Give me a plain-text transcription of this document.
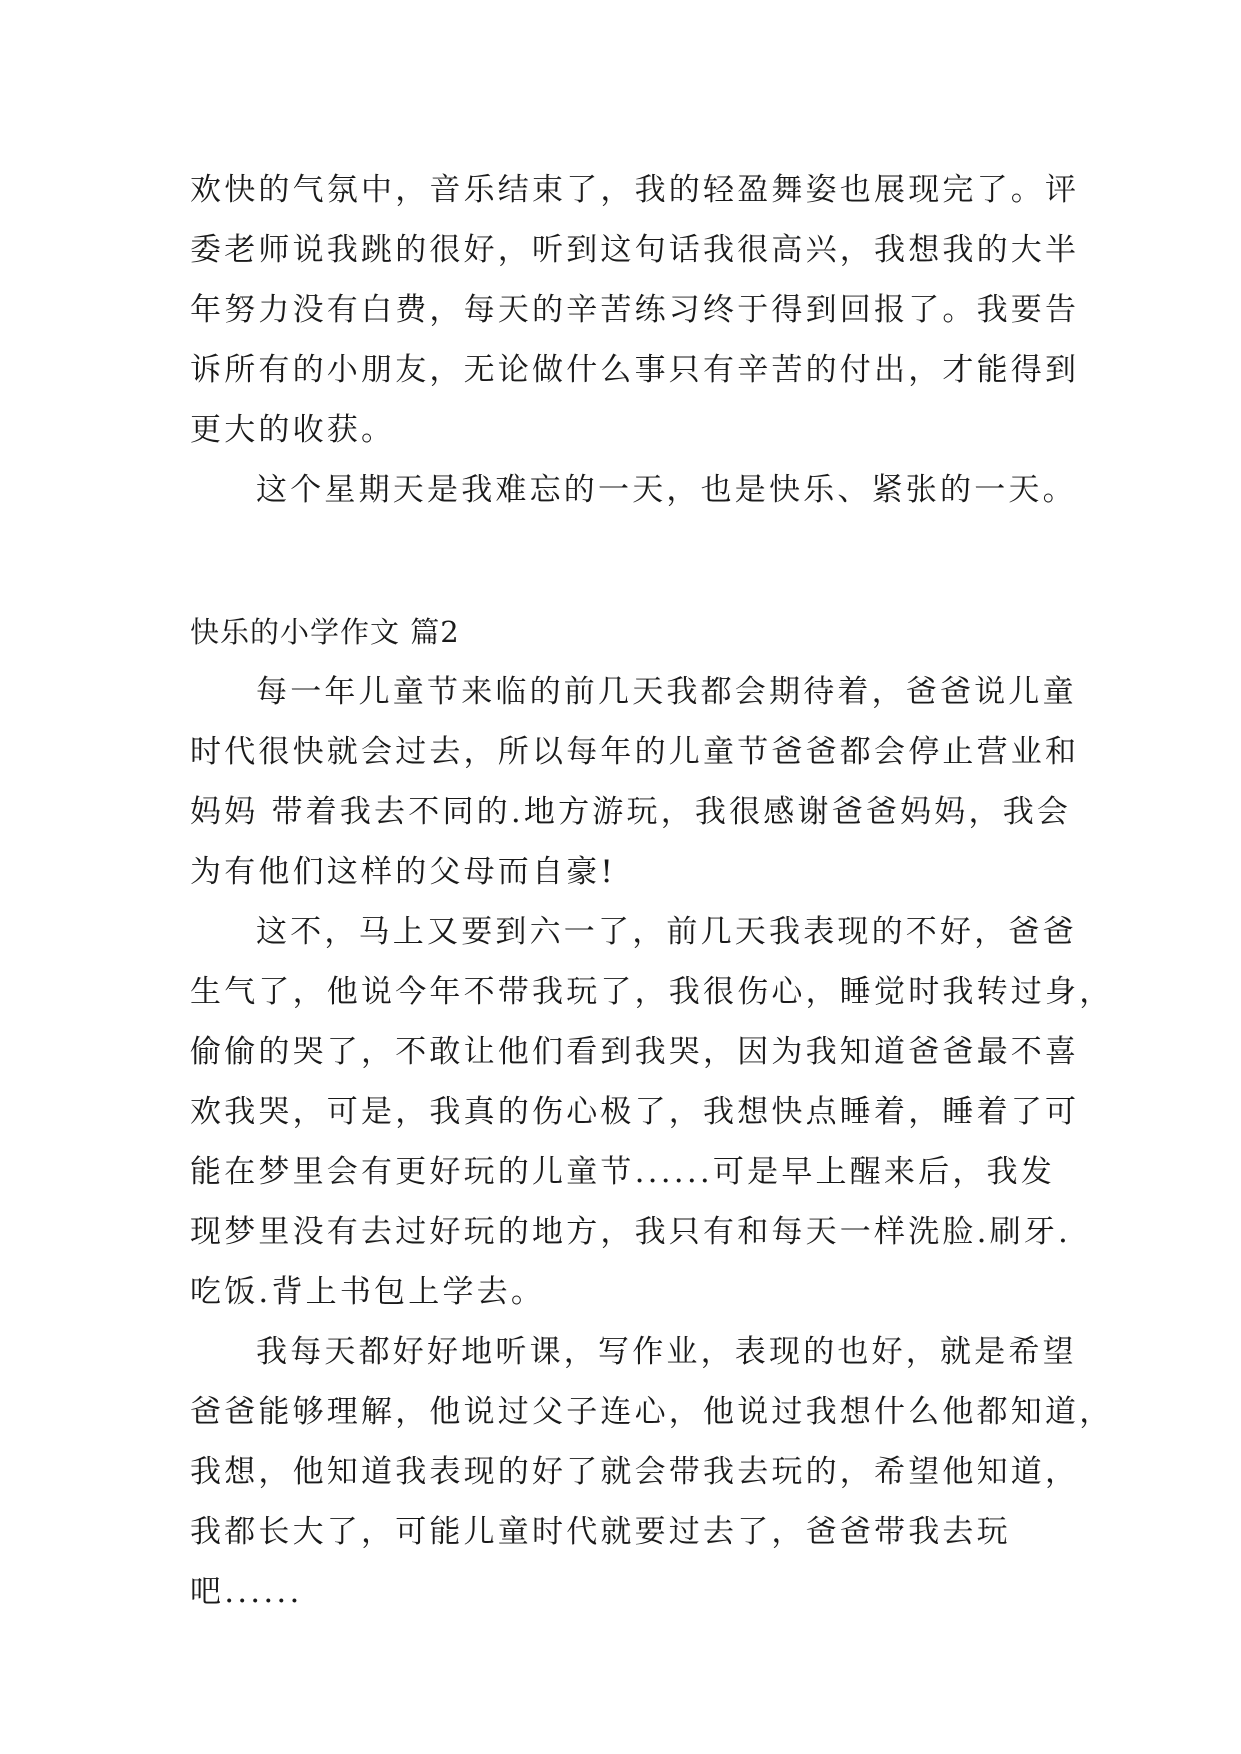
欢快的气氛中，音乐结束了，我的轻盈舞姿也展现完了。评
委老师说我跳的很好，听到这句话我很高兴，我想我的大半
年努力没有白费，每天的辛苦练习终于得到回报了。我要告
诉所有的小朋友，无论做什么事只有辛苦的付出，才能得到
更大的收获。
这个星期天是我难忘的一天，也是快乐、紧张的一天。
快乐的小学作文 篇2
每一年儿童节来临的前几天我都会期待着，爸爸说儿童
时代很快就会过去，所以每年的儿童节爸爸都会停止营业和
妈妈 带着我去不同的.地方游玩，我很感谢爸爸妈妈，我会
为有他们这样的父母而自豪!
这不，马上又要到六一了，前几天我表现的不好，爸爸
生气了，他说今年不带我玩了，我很伤心，睡觉时我转过身，
偷偷的哭了，不敢让他们看到我哭，因为我知道爸爸最不喜
欢我哭，可是，我真的伤心极了，我想快点睡着，睡着了可
能在梦里会有更好玩的儿童节......可是早上醒来后，我发
现梦里没有去过好玩的地方，我只有和每天一样洗脸.刷牙.
吃饭.背上书包上学去。
我每天都好好地听课，写作业，表现的也好，就是希望
爸爸能够理解，他说过父子连心，他说过我想什么他都知道，
我想，他知道我表现的好了就会带我去玩的，希望他知道，
我都长大了，可能儿童时代就要过去了，爸爸带我去玩
吧......
